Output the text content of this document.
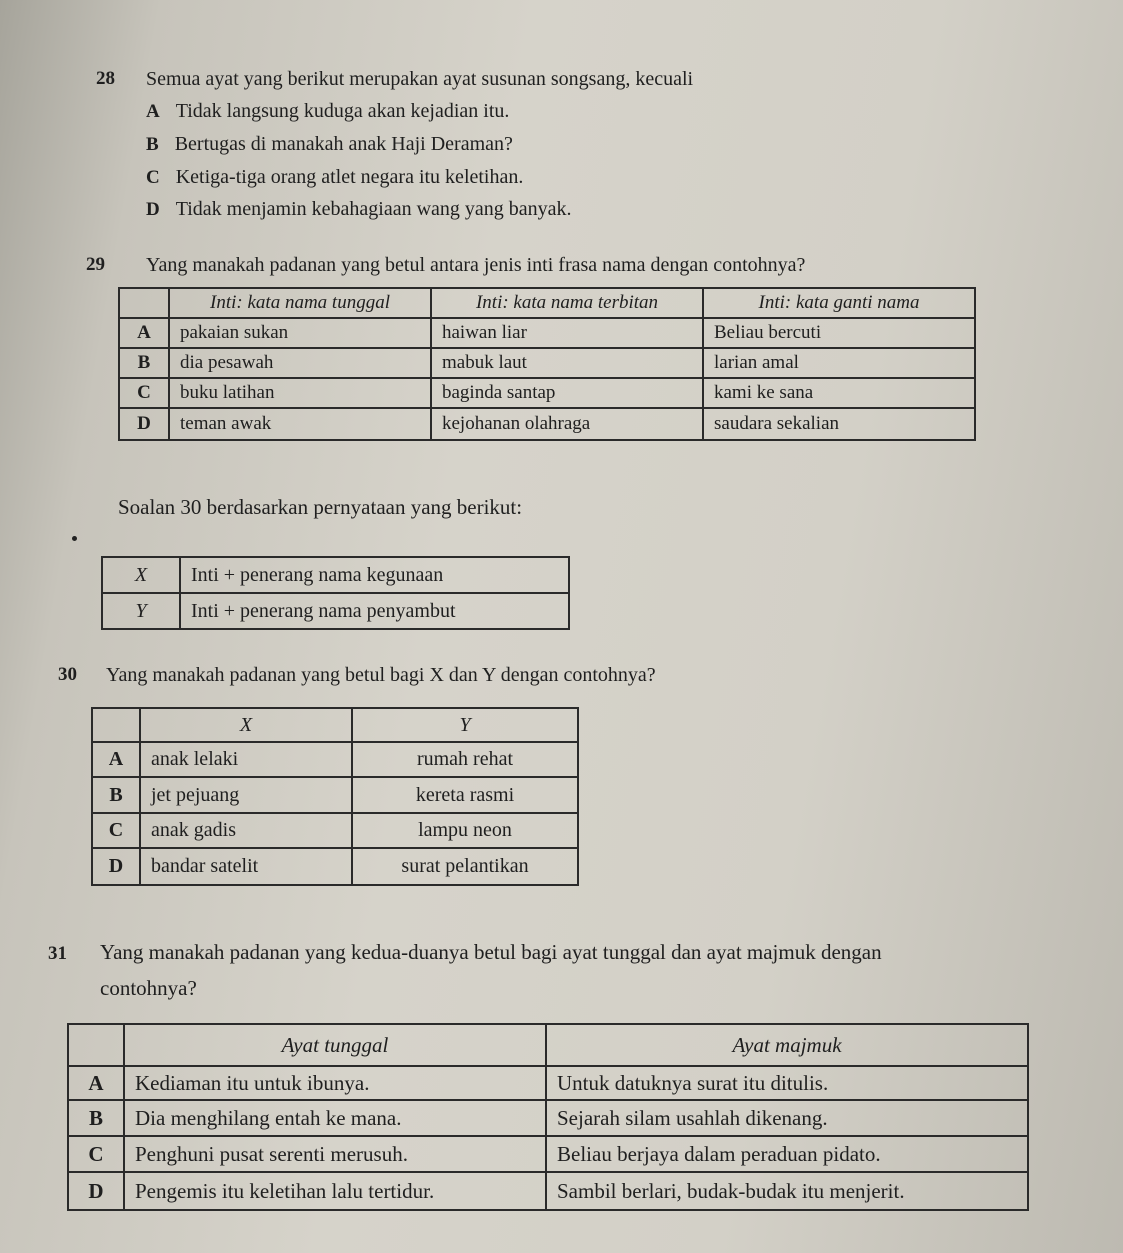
28 Semua ayat yang berikut merupakan ayat susunan songsang, kecuali
A Tidak langsung kuduga akan kejadian itu.
B Bertugas di manakah anak Haji Deraman?
C Ketiga-tiga orang atlet negara itu keletihan.
D Tidak menjamin kebahagiaan wang yang banyak.
29 Yang manakah padanan yang betul antara jenis inti frasa nama dengan contohnya?
	Inti: kata nama tunggal	Inti: kata nama terbitan	Inti: kata ganti nama
A	pakaian sukan	haiwan liar	Beliau bercuti
B	dia pesawah	mabuk laut	larian amal
C	buku latihan	baginda santap	kami ke sana
D	teman awak	kejohanan olahraga	saudara sekalian
Soalan 30 berdasarkan pernyataan yang berikut:
X	Inti + penerang nama kegunaan
Y	Inti + penerang nama penyambut
30 Yang manakah padanan yang betul bagi X dan Y dengan contohnya?
	X	Y
A	anak lelaki	rumah rehat
B	jet pejuang	kereta rasmi
C	anak gadis	lampu neon
D	bandar satelit	surat pelantikan
31 Yang manakah padanan yang kedua-duanya betul bagi ayat tunggal dan ayat majmuk dengan
contohnya?
	Ayat tunggal	Ayat majmuk
A	Kediaman itu untuk ibunya.	Untuk datuknya surat itu ditulis.
B	Dia menghilang entah ke mana.	Sejarah silam usahlah dikenang.
C	Penghuni pusat serenti merusuh.	Beliau berjaya dalam peraduan pidato.
D	Pengemis itu keletihan lalu tertidur.	Sambil berlari, budak-budak itu menjerit.
